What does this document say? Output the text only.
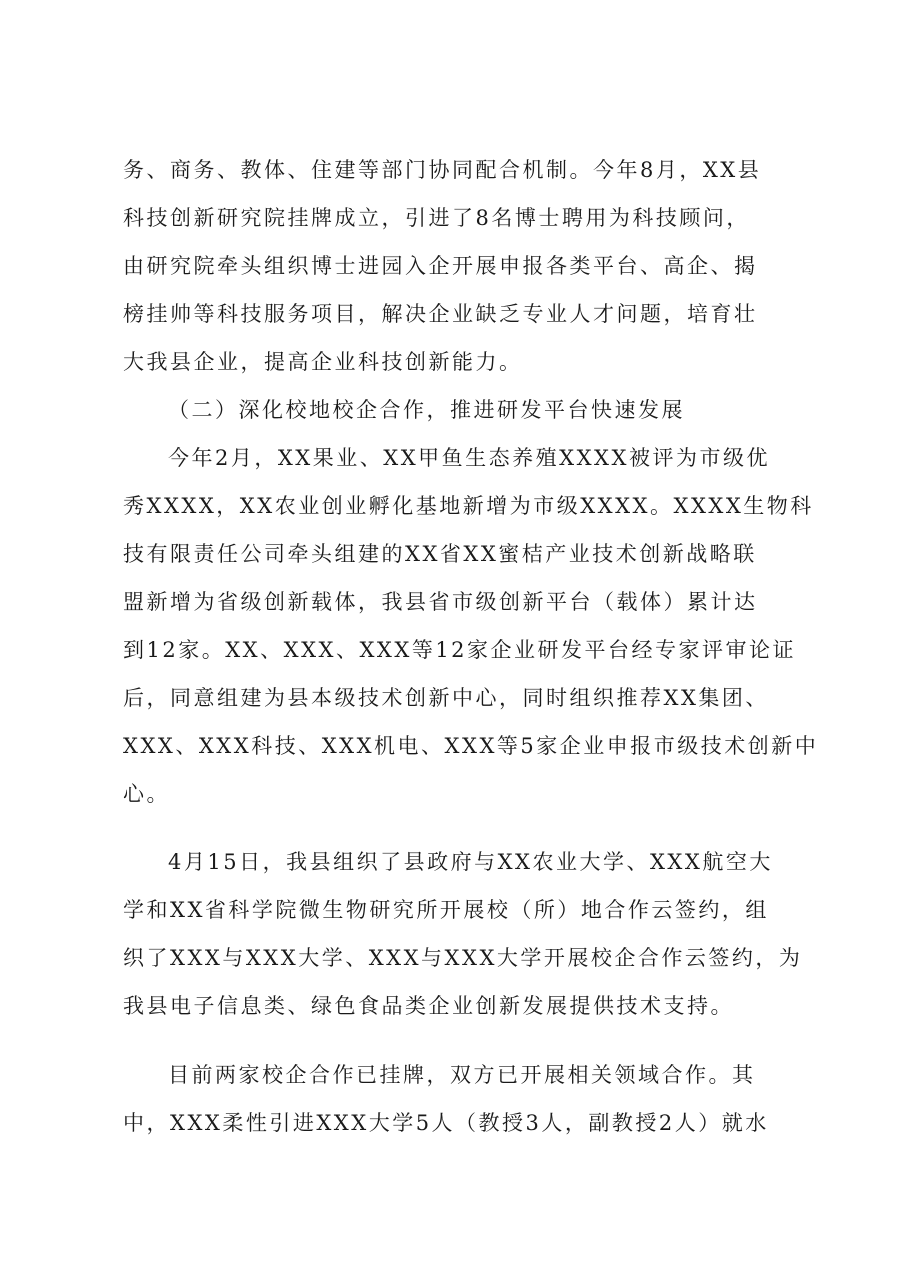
务、商务、教体、住建等部门协同配合机制。今年8月，XX县
科技创新研究院挂牌成立，引进了8名博士聘用为科技顾问，
由研究院牵头组织博士进园入企开展申报各类平台、高企、揭
榜挂帅等科技服务项目，解决企业缺乏专业人才问题，培育壮
大我县企业，提高企业科技创新能力。
（二）深化校地校企合作，推进研发平台快速发展
今年2月，XX果业、XX甲鱼生态养殖XXXX被评为市级优
秀XXXX，XX农业创业孵化基地新增为市级XXXX。XXXX生物科
技有限责任公司牵头组建的XX省XX蜜桔产业技术创新战略联
盟新增为省级创新载体，我县省市级创新平台（载体）累计达
到12家。XX、XXX、XXX等12家企业研发平台经专家评审论证
后，同意组建为县本级技术创新中心，同时组织推荐XX集团、
XXX、XXX科技、XXX机电、XXX等5家企业申报市级技术创新中
心。
4月15日，我县组织了县政府与XX农业大学、XXX航空大
学和XX省科学院微生物研究所开展校（所）地合作云签约，组
织了XXX与XXX大学、XXX与XXX大学开展校企合作云签约，为
我县电子信息类、绿色食品类企业创新发展提供技术支持。
目前两家校企合作已挂牌，双方已开展相关领域合作。其
中，XXX柔性引进XXX大学5人（教授3人，副教授2人）就水
